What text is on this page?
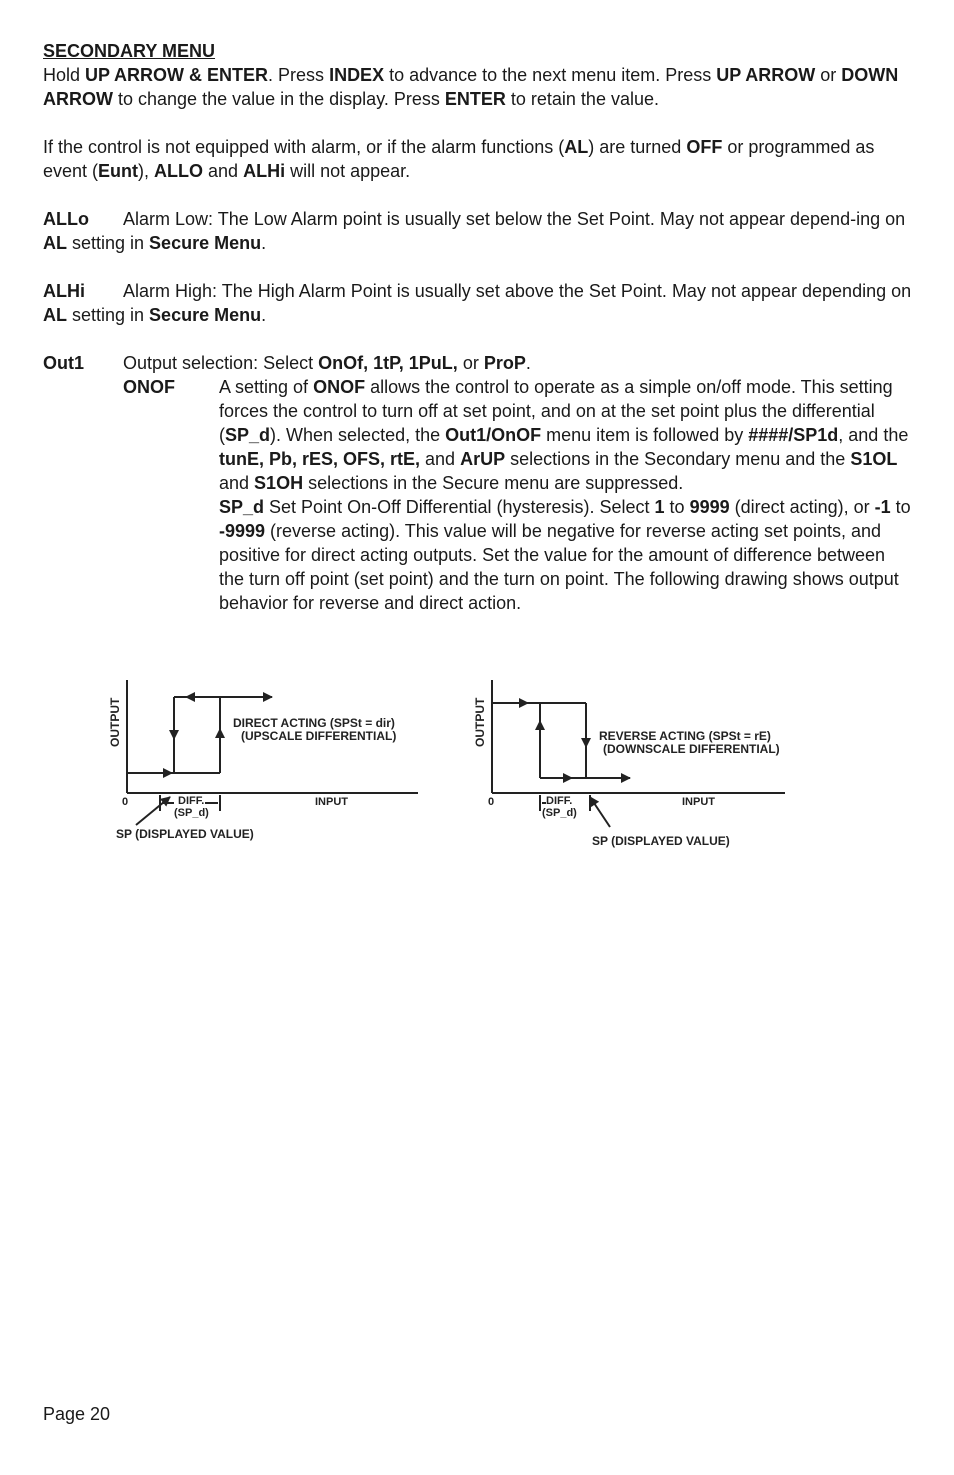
SECONDARY MENU

Hold UP ARROW & ENTER. Press INDEX to advance to the next menu item. Press UP ARROW or DOWN ARROW to change the value in the display. Press ENTER to retain the value.

If the control is not equipped with alarm, or if the alarm functions (AL) are turned OFF or programmed as event (Eunt), ALLO and ALHi will not appear.

ALLo Alarm Low: The Low Alarm point is usually set below the Set Point. May not appear depend-ing on AL setting in Secure Menu.
ALHi Alarm High: The High Alarm Point is usually set above the Set Point. May not appear depending on AL setting in Secure Menu.
Out1	Output selection: Select OnOf, 1tP, 1PuL, or ProP.

ONOF A setting of ONOF allows the control to operate as a simple on/off mode. This setting forces the control to turn off at set point, and on at the set point plus the differential (SP_d). When selected, the Out1/OnOF menu item is followed by ####/SP1d, and the tunE, Pb, rES, OFS, rtE, and ArUP selections in the Secondary menu and the S1OL and S1OH selections in the Secure menu are suppressed.

SP_d Set Point On-Off Differential (hysteresis). Select 1 to 9999 (direct acting), or -1 to -9999 (reverse acting). This value will be negative for reverse acting set points, and positive for direct acting outputs. Set the value for the amount of difference between the turn off point (set point) and the turn on point. The following drawing shows output behavior for reverse and direct action.

OUTPUT
0	INPUT
DIRECT ACTING (SPSt = dir)
(UPSCALE DIFFERENTIAL)
DIFF.
(SP_d)
SP (DISPLAYED VALUE)
OUTPUT
0	INPUT
REVERSE ACTING (SPSt = rE)
(DOWNSCALE DIFFERENTIAL)
DIFF.
(SP_d)
SP (DISPLAYED VALUE)
Page 20
